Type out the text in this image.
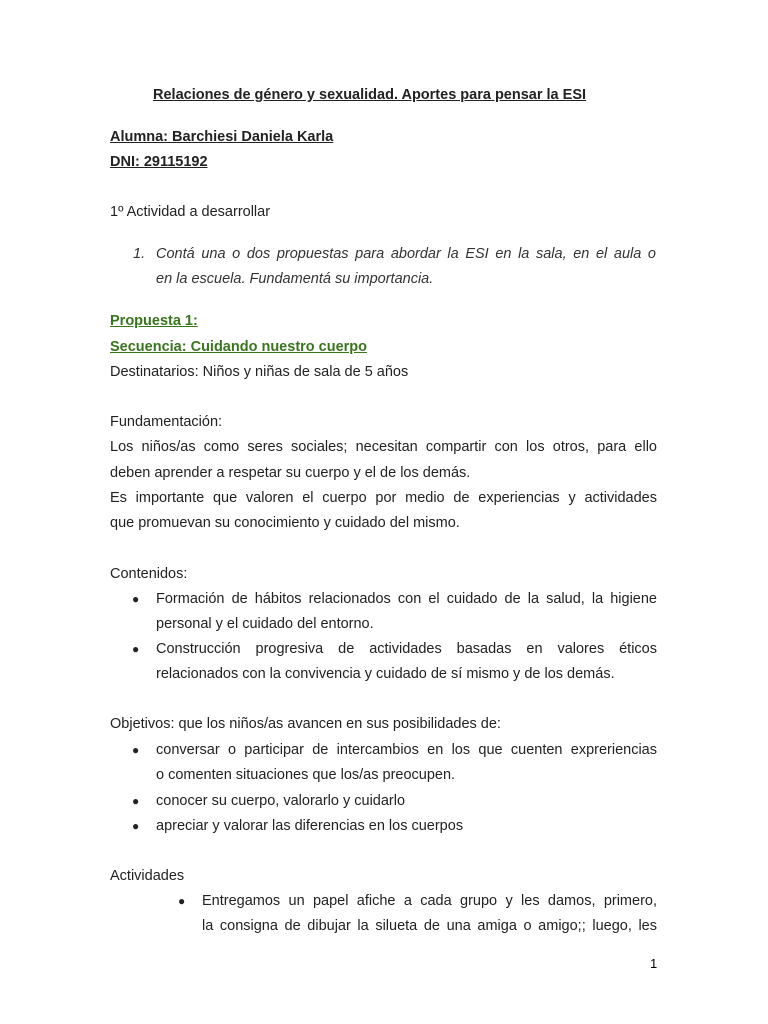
Relaciones de género y sexualidad. Aportes para pensar la ESI
Alumna: Barchiesi Daniela Karla
DNI: 29115192
1º Actividad a desarrollar
1. Contá una o dos propuestas para abordar la ESI en la sala, en el aula o
en la escuela. Fundamentá su importancia.
Propuesta 1:
Secuencia: Cuidando nuestro cuerpo
Destinatarios: Niños y niñas de sala de 5 años
Fundamentación:
Los niños/as como seres sociales; necesitan compartir con los otros, para ello
deben aprender a respetar su cuerpo y el de los demás.
Es importante que valoren el cuerpo por medio de experiencias y actividades
que promuevan su conocimiento y cuidado del mismo.
Contenidos:
● Formación de hábitos relacionados con el cuidado de la salud, la higiene
personal y el cuidado del entorno.
● Construcción progresiva de actividades basadas en valores éticos
relacionados con la convivencia y cuidado de sí mismo y de los demás.
Objetivos: que los niños/as avancen en sus posibilidades de:
● conversar o participar de intercambios en los que cuenten expreriencias
o comenten situaciones que los/as preocupen.
● conocer su cuerpo, valorarlo y cuidarlo
● apreciar y valorar las diferencias en los cuerpos
Actividades
● Entregamos un papel afiche a cada grupo y les damos, primero,
la consigna de dibujar la silueta de una amiga o amigo;; luego, les
1
